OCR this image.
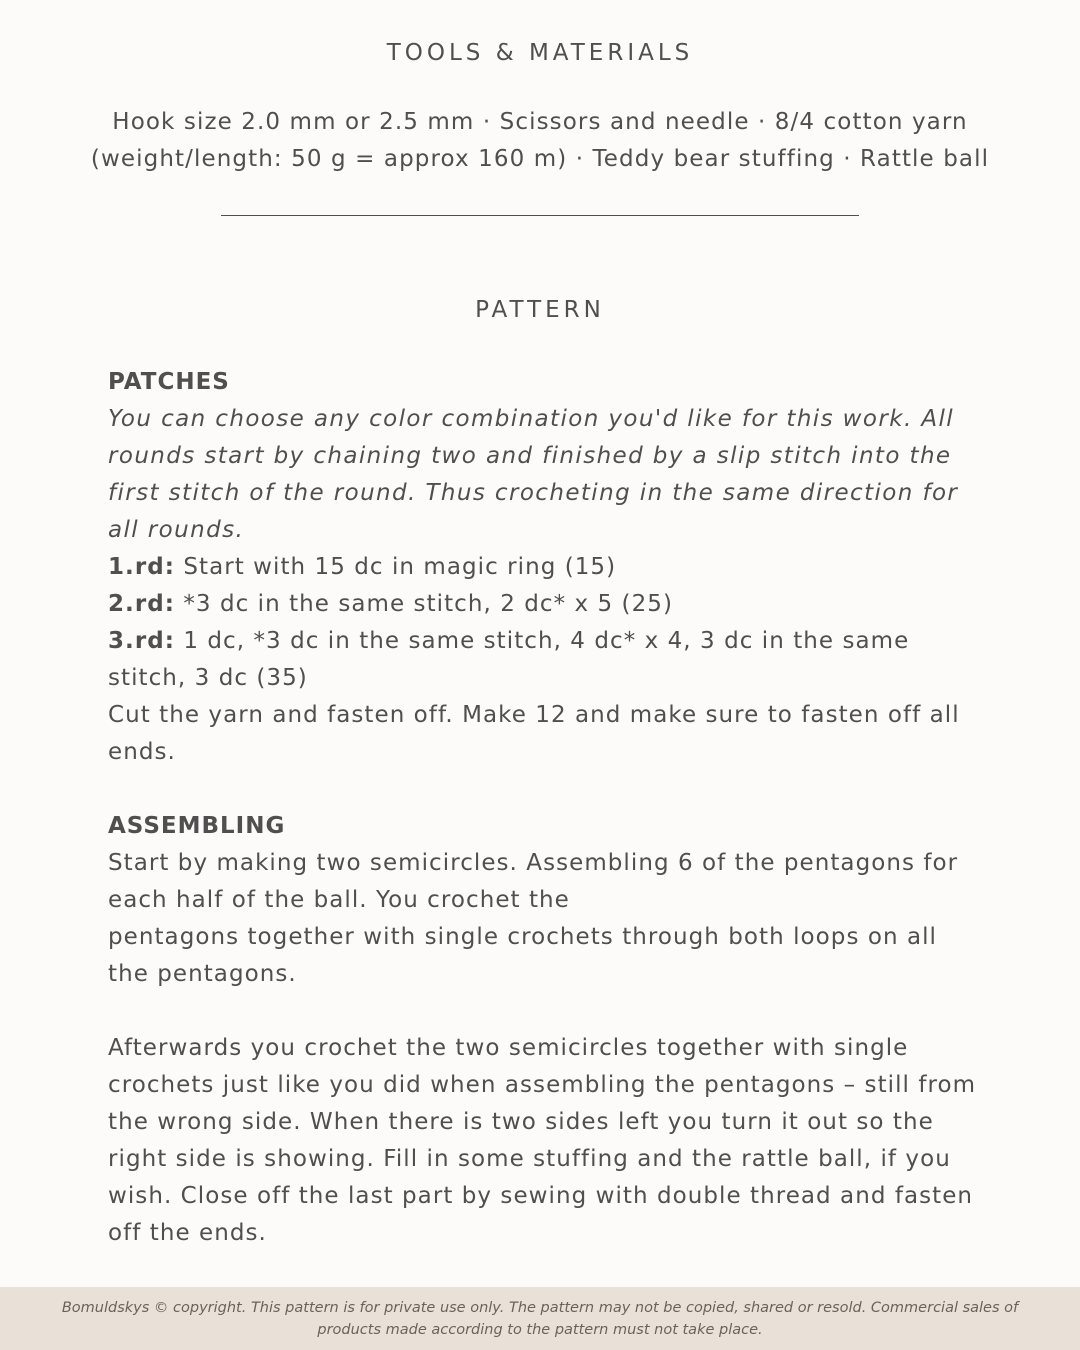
TOOLS & MATERIALS

Hook size 2.0 mm or 2.5 mm · Scissors and needle · 8/4 cotton yarn
(weight/length: 50 g = approx 160 m) · Teddy bear stuffing · Rattle ball

PATTERN
PATCHES
You can choose any color combination you'd like for this work. All rounds start by chaining two and finished by a slip stitch into the first stitch of the round. Thus crocheting in the same direction for all rounds.
1.rd: Start with 15 dc in magic ring (15)
2.rd: *3 dc in the same stitch, 2 dc* x 5 (25)
3.rd: 1 dc, *3 dc in the same stitch, 4 dc* x 4, 3 dc in the same stitch, 3 dc (35)
Cut the yarn and fasten off. Make 12 and make sure to fasten off all ends.
ASSEMBLING
Start by making two semicircles. Assembling 6 of the pentagons for each half of the ball. You crochet the
pentagons together with single crochets through both loops on all the pentagons.
Afterwards you crochet the two semicircles together with single crochets just like you did when assembling the pentagons – still from the wrong side. When there is two sides left you turn it out so the right side is showing. Fill in some stuffing and the rattle ball, if you wish. Close off the last part by sewing with double thread and fasten off the ends.

Bomuldskys © copyright. This pattern is for private use only. The pattern may not be copied, shared or resold. Commercial sales of products made according to the pattern must not take place.
